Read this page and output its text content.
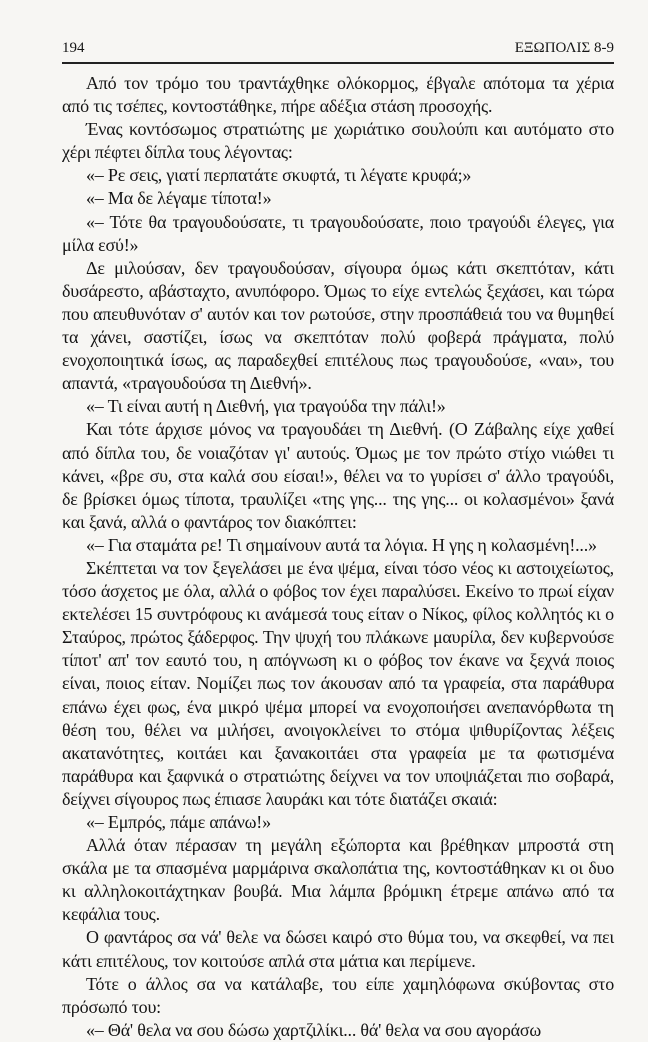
194	ΕΞΩΠΟΛΙΣ 8-9

Από τον τρόμο του τραντάχθηκε ολόκορμος, έβγαλε απότομα τα χέρια από τις τσέπες, κοντοστάθηκε, πήρε αδέξια στάση προσοχής.

Ένας κοντόσωμος στρατιώτης με χωριάτικο σουλούπι και αυτόματο στο χέρι πέφτει δίπλα τους λέγοντας:

«– Ρε σεις, γιατί περπατάτε σκυφτά, τι λέγατε κρυφά;»

«– Μα δε λέγαμε τίποτα!»

«– Τότε θα τραγουδούσατε, τι τραγουδούσατε, ποιο τραγούδι έλεγες, για μίλα εσύ!»

Δε μιλούσαν, δεν τραγουδούσαν, σίγουρα όμως κάτι σκεπτόταν, κάτι δυσάρεστο, αβάσταχτο, ανυπόφορο. Όμως το είχε εντελώς ξεχάσει, και τώρα που απευθυνόταν σ' αυτόν και τον ρωτούσε, στην προσπάθειά του να θυμηθεί τα χάνει, σαστίζει, ίσως να σκεπτόταν πολύ φοβερά πράγματα, πολύ ενοχοποιητικά ίσως, ας παραδεχθεί επιτέλους πως τραγουδούσε, «ναι», του απαντά, «τραγουδούσα τη Διεθνή».

«– Τι είναι αυτή η Διεθνή, για τραγούδα την πάλι!»

Και τότε άρχισε μόνος να τραγουδάει τη Διεθνή. (Ο Ζάβαλης είχε χαθεί από δίπλα του, δε νοιαζόταν γι' αυτούς. Όμως με τον πρώτο στίχο νιώθει τι κάνει, «βρε συ, στα καλά σου είσαι!», θέλει να το γυρίσει σ' άλλο τραγούδι, δε βρίσκει όμως τίποτα, τραυλίζει «της γης... της γης... οι κολασμένοι» ξανά και ξανά, αλλά ο φαντάρος τον διακόπτει:

«– Για σταμάτα ρε! Τι σημαίνουν αυτά τα λόγια. Η γης η κολασμένη!...»

Σκέπτεται να τον ξεγελάσει με ένα ψέμα, είναι τόσο νέος κι αστοιχείωτος, τόσο άσχετος με όλα, αλλά ο φόβος τον έχει παραλύσει. Εκείνο το πρωί είχαν εκτελέσει 15 συντρόφους κι ανάμεσά τους είταν ο Νίκος, φίλος κολλητός κι ο Σταύρος, πρώτος ξάδερφος. Την ψυχή του πλάκωνε μαυρίλα, δεν κυβερνούσε τίποτ' απ' τον εαυτό του, η απόγνωση κι ο φόβος τον έκανε να ξεχνά ποιος είναι, ποιος είταν. Νομίζει πως τον άκουσαν από τα γραφεία, στα παράθυρα επάνω έχει φως, ένα μικρό ψέμα μπορεί να ενοχοποιήσει ανεπανόρθωτα τη θέση του, θέλει να μιλήσει, ανοιγοκλείνει το στόμα ψιθυρίζοντας λέξεις ακατανότητες, κοιτάει και ξανακοιτάει στα γραφεία με τα φωτισμένα παράθυρα και ξαφνικά ο στρατιώτης δείχνει να τον υποψιάζεται πιο σοβαρά, δείχνει σίγουρος πως έπιασε λαυράκι και τότε διατάζει σκαιά:

«– Εμπρός, πάμε απάνω!»

Αλλά όταν πέρασαν τη μεγάλη εξώπορτα και βρέθηκαν μπροστά στη σκάλα με τα σπασμένα μαρμάρινα σκαλοπάτια της, κοντοστάθηκαν κι οι δυο κι αλληλοκοιτάχτηκαν βουβά. Μια λάμπα βρόμικη έτρεμε απάνω από τα κεφάλια τους.

Ο φαντάρος σα νά' θελε να δώσει καιρό στο θύμα του, να σκεφθεί, να πει κάτι επιτέλους, τον κοιτούσε απλά στα μάτια και περίμενε.

Τότε ο άλλος σα να κατάλαβε, του είπε χαμηλόφωνα σκύβοντας στο πρόσωπό του:

«– Θά' θελα να σου δώσω χαρτζιλίκι... θά' θελα να σου αγοράσω
